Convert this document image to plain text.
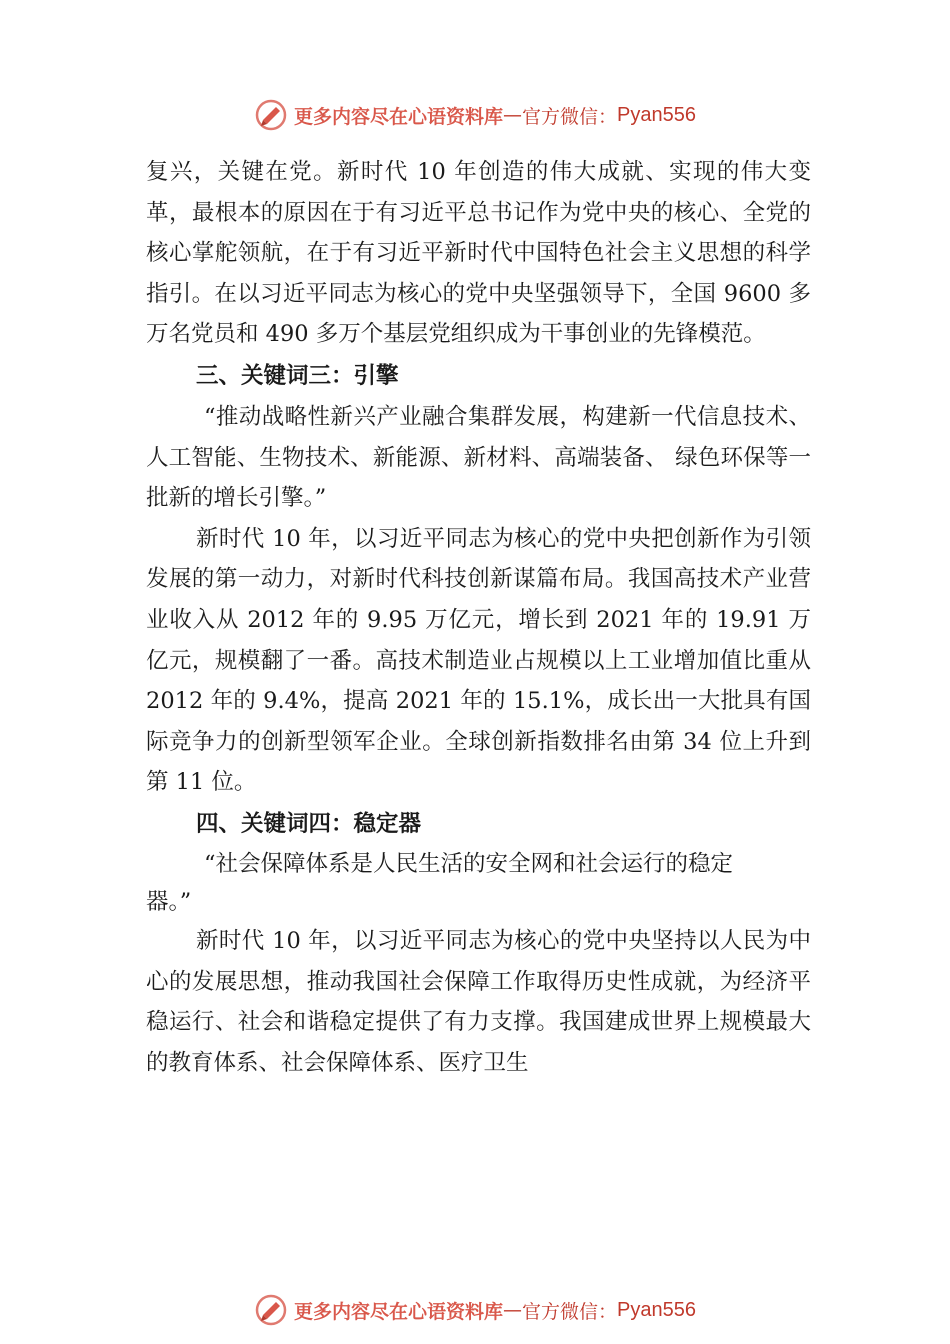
更多内容尽在心语资料库 — 官方微信： Pyan556

复兴，关键在党。新时代 10 年创造的伟大成就、实现的伟大变革，最根本的原因在于有习近平总书记作为党中央的核心、全党的核心掌舵领航，在于有习近平新时代中国特色社会主义思想的科学指引。在以习近平同志为核心的党中央坚强领导下，全国 9600 多万名党员和 490 多万个基层党组织成为干事创业的先锋模范。

三、关键词三：引擎

“推动战略性新兴产业融合集群发展，构建新一代信息技术、人工智能、生物技术、新能源、新材料、高端装备、 绿色环保等一批新的增长引擎。”

新时代 10 年，以习近平同志为核心的党中央把创新作为引领发展的第一动力，对新时代科技创新谋篇布局。我国高技术产业营业收入从 2012 年的 9.95 万亿元，增长到 2021 年的 19.91 万亿元，规模翻了一番。高技术制造业占规模以上工业增加值比重从 2012 年的 9.4%，提高 2021 年的 15.1%，成长出一大批具有国际竞争力的创新型领军企业。全球创新指数排名由第 34 位上升到第 11 位。

四、关键词四：稳定器

“社会保障体系是人民生活的安全网和社会运行的稳定器。”

新时代 10 年，以习近平同志为核心的党中央坚持以人民为中心的发展思想，推动我国社会保障工作取得历史性成就，为经济平稳运行、社会和谐稳定提供了有力支撑。我国建成世界上规模最大的教育体系、社会保障体系、医疗卫生

更多内容尽在心语资料库 — 官方微信： Pyan556
